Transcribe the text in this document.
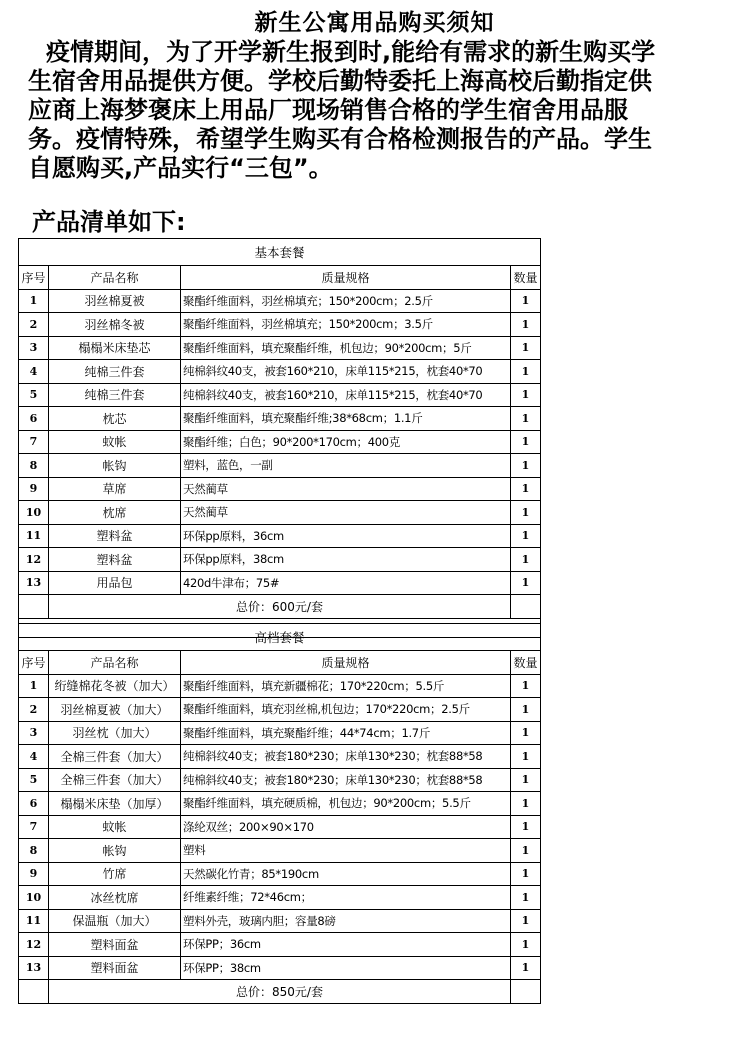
新生公寓用品购买须知

疫情期间，为了开学新生报到时,能给有需求的新生购买学

生宿舍用品提供方便。学校后勤特委托上海高校后勤指定供

应商上海梦褒床上用品厂现场销售合格的学生宿舍用品服

务。疫情特殊，希望学生购买有合格检测报告的产品。学生

自愿购买,产品实行“三包”。

产品清单如下:
基本套餐			
序号	产品名称	质量规格	数量
1	羽丝棉夏被	聚酯纤维面料，羽丝棉填充；150*200cm；2.5斤	1
2	羽丝棉冬被	聚酯纤维面料，羽丝棉填充；150*200cm；3.5斤	1
3	榻榻米床垫芯	聚酯纤维面料，填充聚酯纤维，机包边；90*200cm；5斤	1
4	纯棉三件套	纯棉斜纹40支，被套160*210，床单115*215，枕套40*70	1
5	纯棉三件套	纯棉斜纹40支，被套160*210，床单115*215，枕套40*70	1
6	枕芯	聚酯纤维面料，填充聚酯纤维;38*68cm；1.1斤	1
7	蚊帐	聚酯纤维；白色；90*200*170cm；400克	1
8	帐钩	塑料，蓝色，一副	1
9	草席	天然蔺草	1
10	枕席	天然蔺草	1
11	塑料盆	环保pp原料，36cm	1
12	塑料盆	环保pp原料，38cm	1
13	用品包	420d牛津布；75#	1
	总价：600元/套		

高档套餐			
序号	产品名称	质量规格	数量
1	绗缝棉花冬被（加大）	聚酯纤维面料，填充新疆棉花；170*220cm；5.5斤	1
2	羽丝棉夏被（加大）	聚酯纤维面料，填充羽丝棉,机包边；170*220cm；2.5斤	1
3	羽丝枕（加大）	聚酯纤维面料，填充聚酯纤维；44*74cm；1.7斤	1
4	全棉三件套（加大）	纯棉斜纹40支；被套180*230；床单130*230；枕套88*58	1
5	全棉三件套（加大）	纯棉斜纹40支；被套180*230；床单130*230；枕套88*58	1
6	榻榻米床垫（加厚）	聚酯纤维面料，填充硬质棉，机包边；90*200cm；5.5斤	1
7	蚊帐	涤纶双丝；200×90×170	1
8	帐钩	塑料	1
9	竹席	天然碳化竹青；85*190cm	1
10	冰丝枕席	纤维素纤维；72*46cm；	1
11	保温瓶（加大）	塑料外壳，玻璃内胆；容量8磅	1
12	塑料面盆	环保PP；36cm	1
13	塑料面盆	环保PP；38cm	1
	总价：850元/套		
